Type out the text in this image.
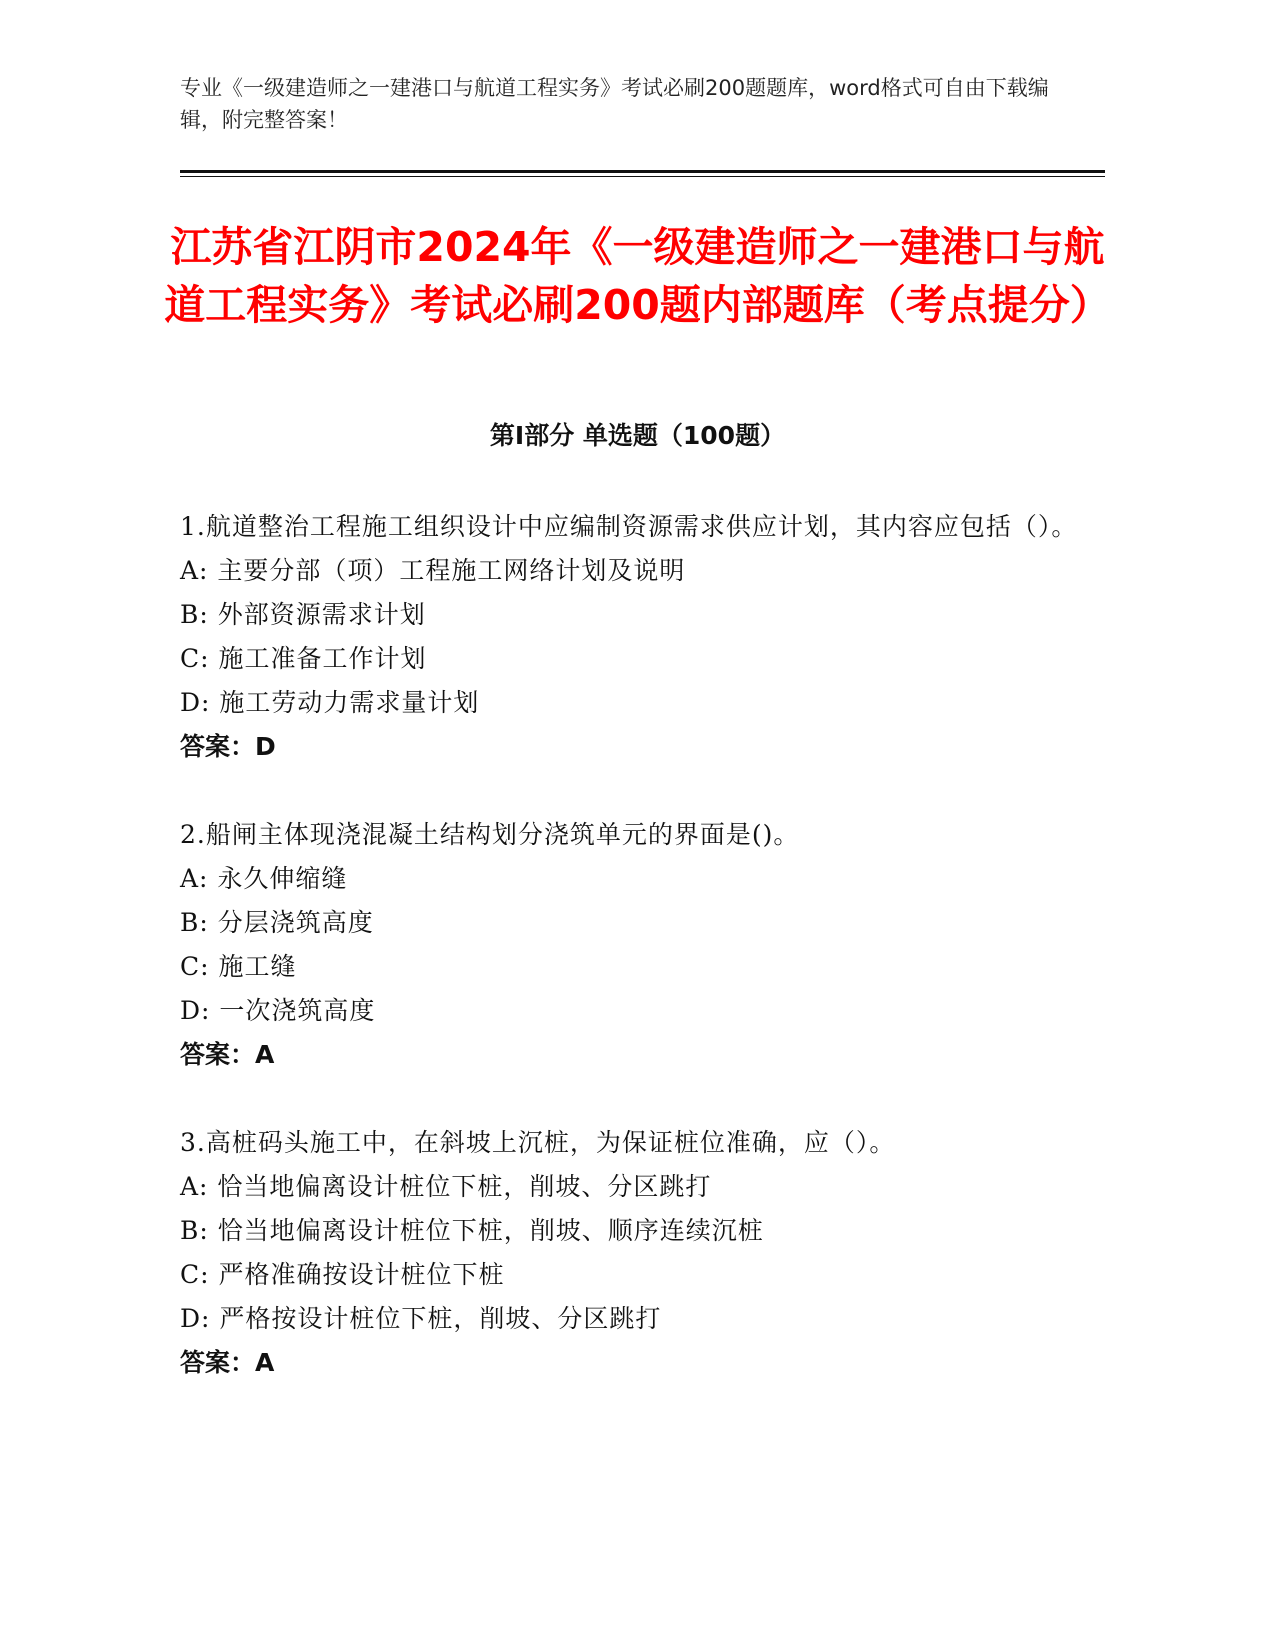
专业《一级建造师之一建港口与航道工程实务》考试必刷200题题库，word格式可自由下载编辑，附完整答案！
江苏省江阴市2024年《一级建造师之一建港口与航道工程实务》考试必刷200题内部题库（考点提分）
第I部分 单选题（100题）
1.航道整治工程施工组织设计中应编制资源需求供应计划，其内容应包括（）。
A: 主要分部（项）工程施工网络计划及说明
B: 外部资源需求计划
C: 施工准备工作计划
D: 施工劳动力需求量计划
答案：D
2.船闸主体现浇混凝土结构划分浇筑单元的界面是()。
A: 永久伸缩缝
B: 分层浇筑高度
C: 施工缝
D: 一次浇筑高度
答案：A
3.高桩码头施工中，在斜坡上沉桩，为保证桩位准确，应（）。
A: 恰当地偏离设计桩位下桩，削坡、分区跳打
B: 恰当地偏离设计桩位下桩，削坡、顺序连续沉桩
C: 严格准确按设计桩位下桩
D: 严格按设计桩位下桩，削坡、分区跳打
答案：A
